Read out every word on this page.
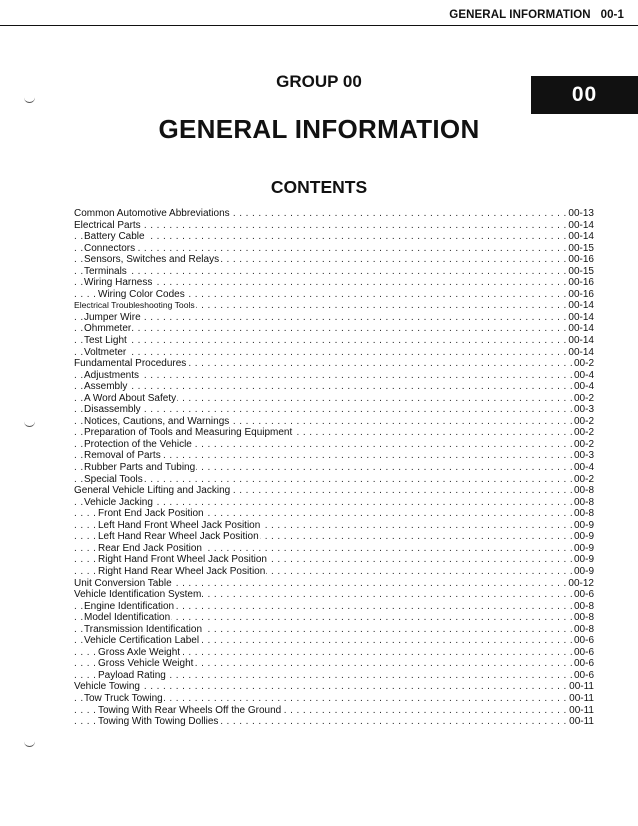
GENERAL INFORMATION   00-1
GROUP 00
00
GENERAL INFORMATION
CONTENTS
. . . Common Automotive Abbreviations	00-13
. . . Electrical Parts	00-14
. . . Battery Cable	00-14
. . . Connectors	00-15
. . . Sensors, Switches and Relays	00-16
. . . Terminals	00-15
. . . Wiring Harness	00-16
. . . Wiring Color Codes	00-16
. . . Electrical Troubleshooting Tools	00-14
. . . Jumper Wire	00-14
. . . Ohmmeter	00-14
. . . Test Light	00-14
. . . Voltmeter	00-14
. . . Fundamental Procedures	00-2
. . . Adjustments	00-4
. . . Assembly	00-4
. . . A Word About Safety	00-2
. . . Disassembly	00-3
. . . Notices, Cautions, and Warnings	00-2
. . . Preparation of Tools and Measuring Equipment	00-2
. . . Protection of the Vehicle	00-2
. . . Removal of Parts	00-3
. . . Rubber Parts and Tubing	00-4
. . . Special Tools	00-2
. . . General Vehicle Lifting and Jacking	00-8
. . . Vehicle Jacking	00-8
. . . Front End Jack Position	00-8
. . . Left Hand Front Wheel Jack Position	00-9
. . . Left Hand Rear Wheel Jack Position	00-9
. . . Rear End Jack Position	00-9
. . . Right Hand Front Wheel Jack Position	00-9
. . . Right Hand Rear Wheel Jack Position	00-9
. . . Unit Conversion Table	00-12
. . . Vehicle Identification System	00-6
. . . Engine Identification	00-8
. . . Model Identification	00-8
. . . Transmission Identification	00-8
. . . Vehicle Certification Label	00-6
. . . Gross Axle Weight	00-6
. . . Gross Vehicle Weight	00-6
. . . Payload Rating	00-6
. . . Vehicle Towing	00-11
. . . Tow Truck Towing	00-11
. . . Towing With Rear Wheels Off the Ground	00-11
. . . Towing With Towing Dollies	00-11
